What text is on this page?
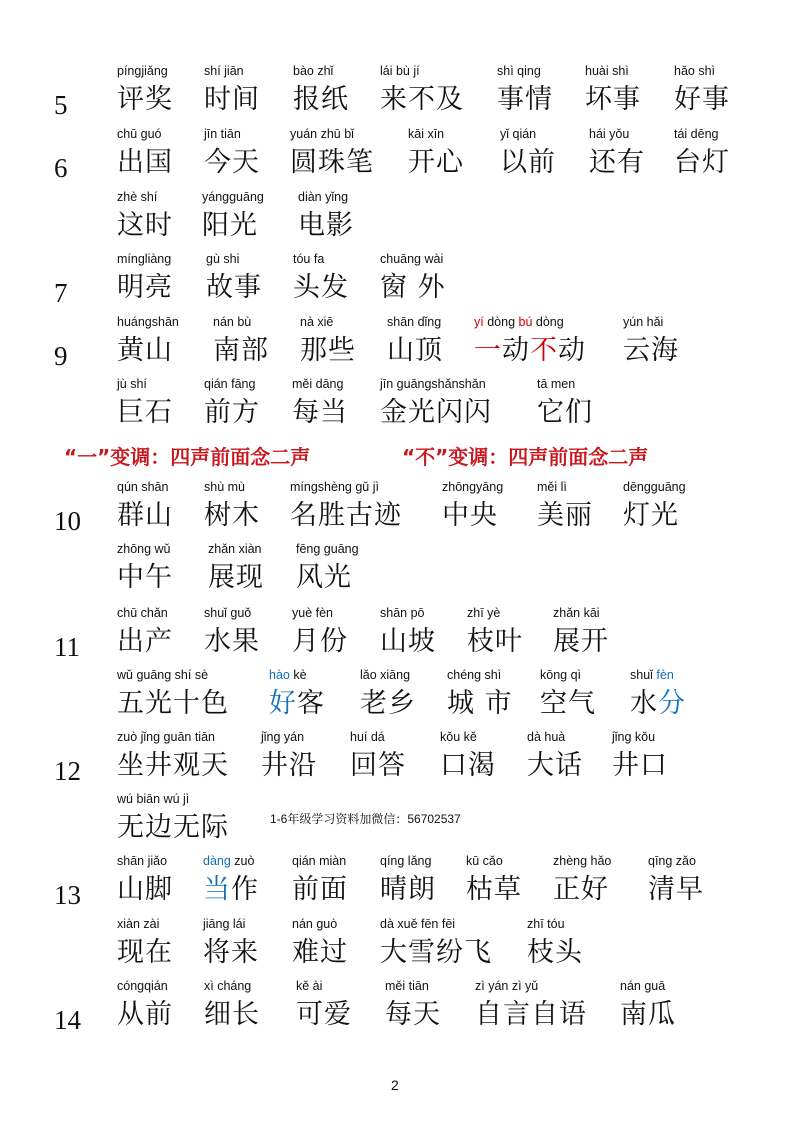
5
píngjiǎng
评奖
shí jiān
时间
bào zhǐ
报纸
lái bù jí
来不及
shì qing
事情
huài shì
坏事
hǎo shì
好事
6
chū guó
出国
jīn tiān
今天
yuán zhū bǐ
圆珠笔
kāi xīn
开心
yǐ qián
以前
hái yǒu
还有
tái dēng
台灯
zhè shí
这时
yángguāng
阳光
diàn yǐng
电影
7
míngliàng
明亮
gù shi
故事
tóu fa
头发
chuāng wài
窗 外
9
huángshān
黄山
nán bù
南部
nà xiē
那些
shān dǐng
山顶
yí dòng bú dòng
一动不动
yún hǎi
云海
jù shí
巨石
qián fāng
前方
měi dāng
每当
jīn guāngshǎnshǎn
金光闪闪
tā men
它们
10
qún shān
群山
shù mù
树木
míngshèng gǔ jì
名胜古迹
zhōngyāng
中央
měi lì
美丽
dēngguāng
灯光
zhōng wǔ
中午
zhǎn xiàn
展现
fēng guāng
风光
11
chū chǎn
出产
shuǐ guǒ
水果
yuè fèn
月份
shān pō
山坡
zhī yè
枝叶
zhǎn kāi
展开
wǔ guāng shí sè
五光十色
hào kè
好客
lǎo xiāng
老乡
chéng shì
城 市
kōng qì
空气
shuǐ fèn
水分
12
zuò jǐng guān tiān
坐井观天
jǐng yán
井沿
huí dá
回答
kǒu kě
口渴
dà huà
大话
jǐng kǒu
井口
wú biān wú jì
无边无际
13
shān jiǎo
山脚
dàng zuò
当作
qián miàn
前面
qíng lǎng
晴朗
kū cǎo
枯草
zhèng hǎo
正好
qīng zǎo
清早
xiàn zài
现在
jiāng lái
将来
nán guò
难过
dà xuě fēn fēi
大雪纷飞
zhī tóu
枝头
14
cóngqián
从前
xì cháng
细长
kě ài
可爱
měi tiān
每天
zì yán zì yǔ
自言自语
nán guā
南瓜
“一”变调：四声前面念二声	“不”变调：四声前面念二声
1-6年级学习资料加微信：56702537
2
